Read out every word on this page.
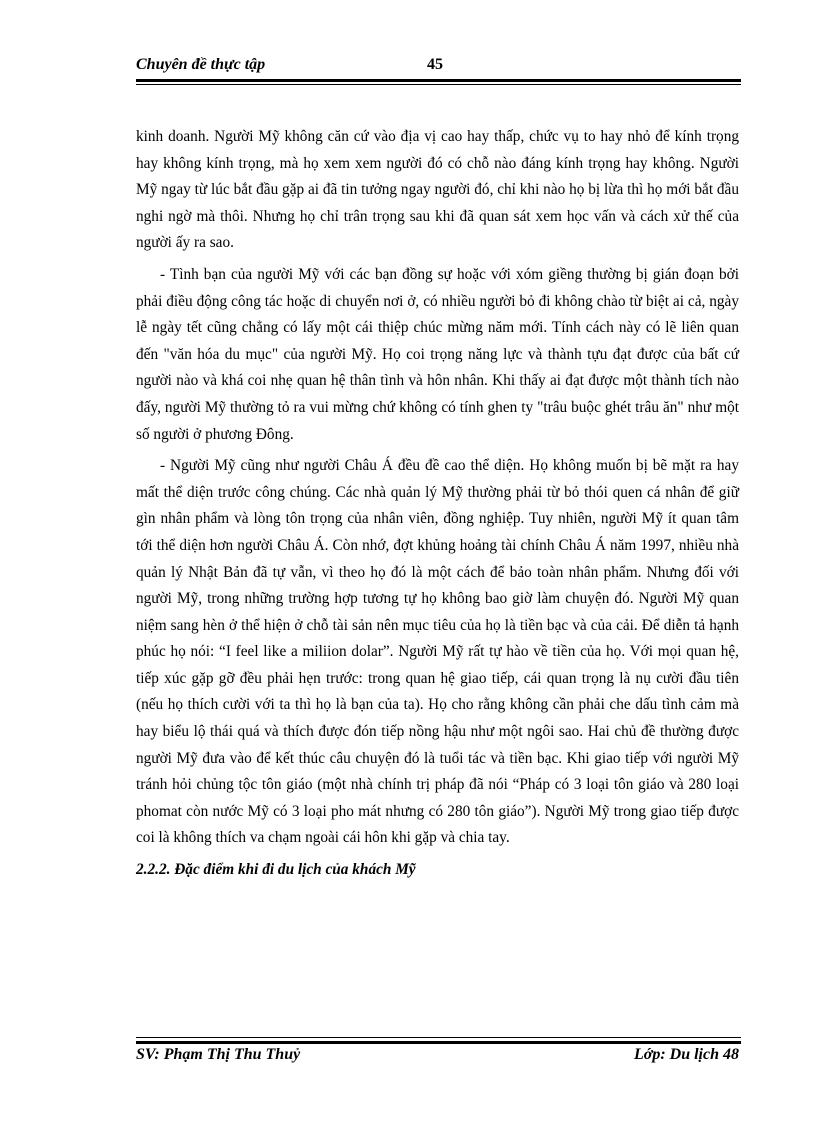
Chuyên đề thực tập	45

kinh doanh. Người Mỹ không căn cứ vào địa vị cao hay thấp, chức vụ to hay nhỏ để kính trọng hay không kính trọng, mà họ xem xem người đó có chỗ nào đáng kính trọng hay không. Người Mỹ ngay từ lúc bắt đầu gặp ai đã tin tưởng ngay người đó, chỉ khi nào họ bị lừa thì họ mới bắt đầu nghi ngờ mà thôi. Nhưng họ chỉ trân trọng sau khi đã quan sát xem học vấn và cách xử thế của người ấy ra sao.

- Tình bạn của người Mỹ với các bạn đồng sự hoặc với xóm giềng thường bị gián đoạn bởi phải điều động công tác hoặc di chuyển nơi ở, có nhiều người bỏ đi không chào từ biệt ai cả, ngày lễ ngày tết cũng chẳng có lấy một cái thiệp chúc mừng năm mới. Tính cách này có lẽ liên quan đến "văn hóa du mục" của người Mỹ. Họ coi trọng năng lực và thành tựu đạt được của bất cứ người nào và khá coi nhẹ quan hệ thân tình và hôn nhân. Khi thấy ai đạt được một thành tích nào đấy, người Mỹ thường tỏ ra vui mừng chứ không có tính ghen ty "trâu buộc ghét trâu ăn" như một số người ở phương Đông.

- Người Mỹ cũng như người Châu Á đều đề cao thể diện. Họ không muốn bị bẽ mặt ra hay mất thể diện trước công chúng. Các nhà quản lý Mỹ thường phải từ bỏ thói quen cá nhân để giữ gìn nhân phẩm và lòng tôn trọng của nhân viên, đồng nghiệp. Tuy nhiên, người Mỹ ít quan tâm tới thể diện hơn người Châu Á. Còn nhớ, đợt khủng hoảng tài chính Châu Á năm 1997, nhiều nhà quản lý Nhật Bản đã tự vẫn, vì theo họ đó là một cách để bảo toàn nhân phẩm. Nhưng đối với người Mỹ, trong những trường hợp tương tự họ không bao giờ làm chuyện đó. Người Mỹ quan niệm sang hèn ở thể hiện ở chỗ tài sản nên mục tiêu của họ là tiền bạc và của cải. Để diễn tả hạnh phúc họ nói: “I feel like a miliion dolar”. Người Mỹ rất tự hào về tiền của họ. Với mọi quan hệ, tiếp xúc gặp gỡ đều phải hẹn trước: trong quan hệ giao tiếp, cái quan trọng là nụ cười đầu tiên (nếu họ thích cười với ta thì họ là bạn của ta). Họ cho rằng không cần phải che dấu tình cảm mà hay biểu lộ thái quá và thích được đón tiếp nồng hậu như một ngôi sao. Hai chủ đề thường được người Mỹ đưa vào để kết thúc câu chuyện đó là tuổi tác và tiền bạc. Khi giao tiếp với người Mỹ tránh hỏi chủng tộc tôn giáo (một nhà chính trị pháp đã nói “Pháp có 3 loại tôn giáo và 280 loại phomat còn nước Mỹ có 3 loại pho mát nhưng có 280 tôn giáo”). Người Mỹ trong giao tiếp được coi là không thích va chạm ngoài cái hôn khi gặp và chia tay.

2.2.2. Đặc điểm khi đi du lịch của khách Mỹ
SV: Phạm Thị Thu Thuỷ	Lớp: Du lịch 48
